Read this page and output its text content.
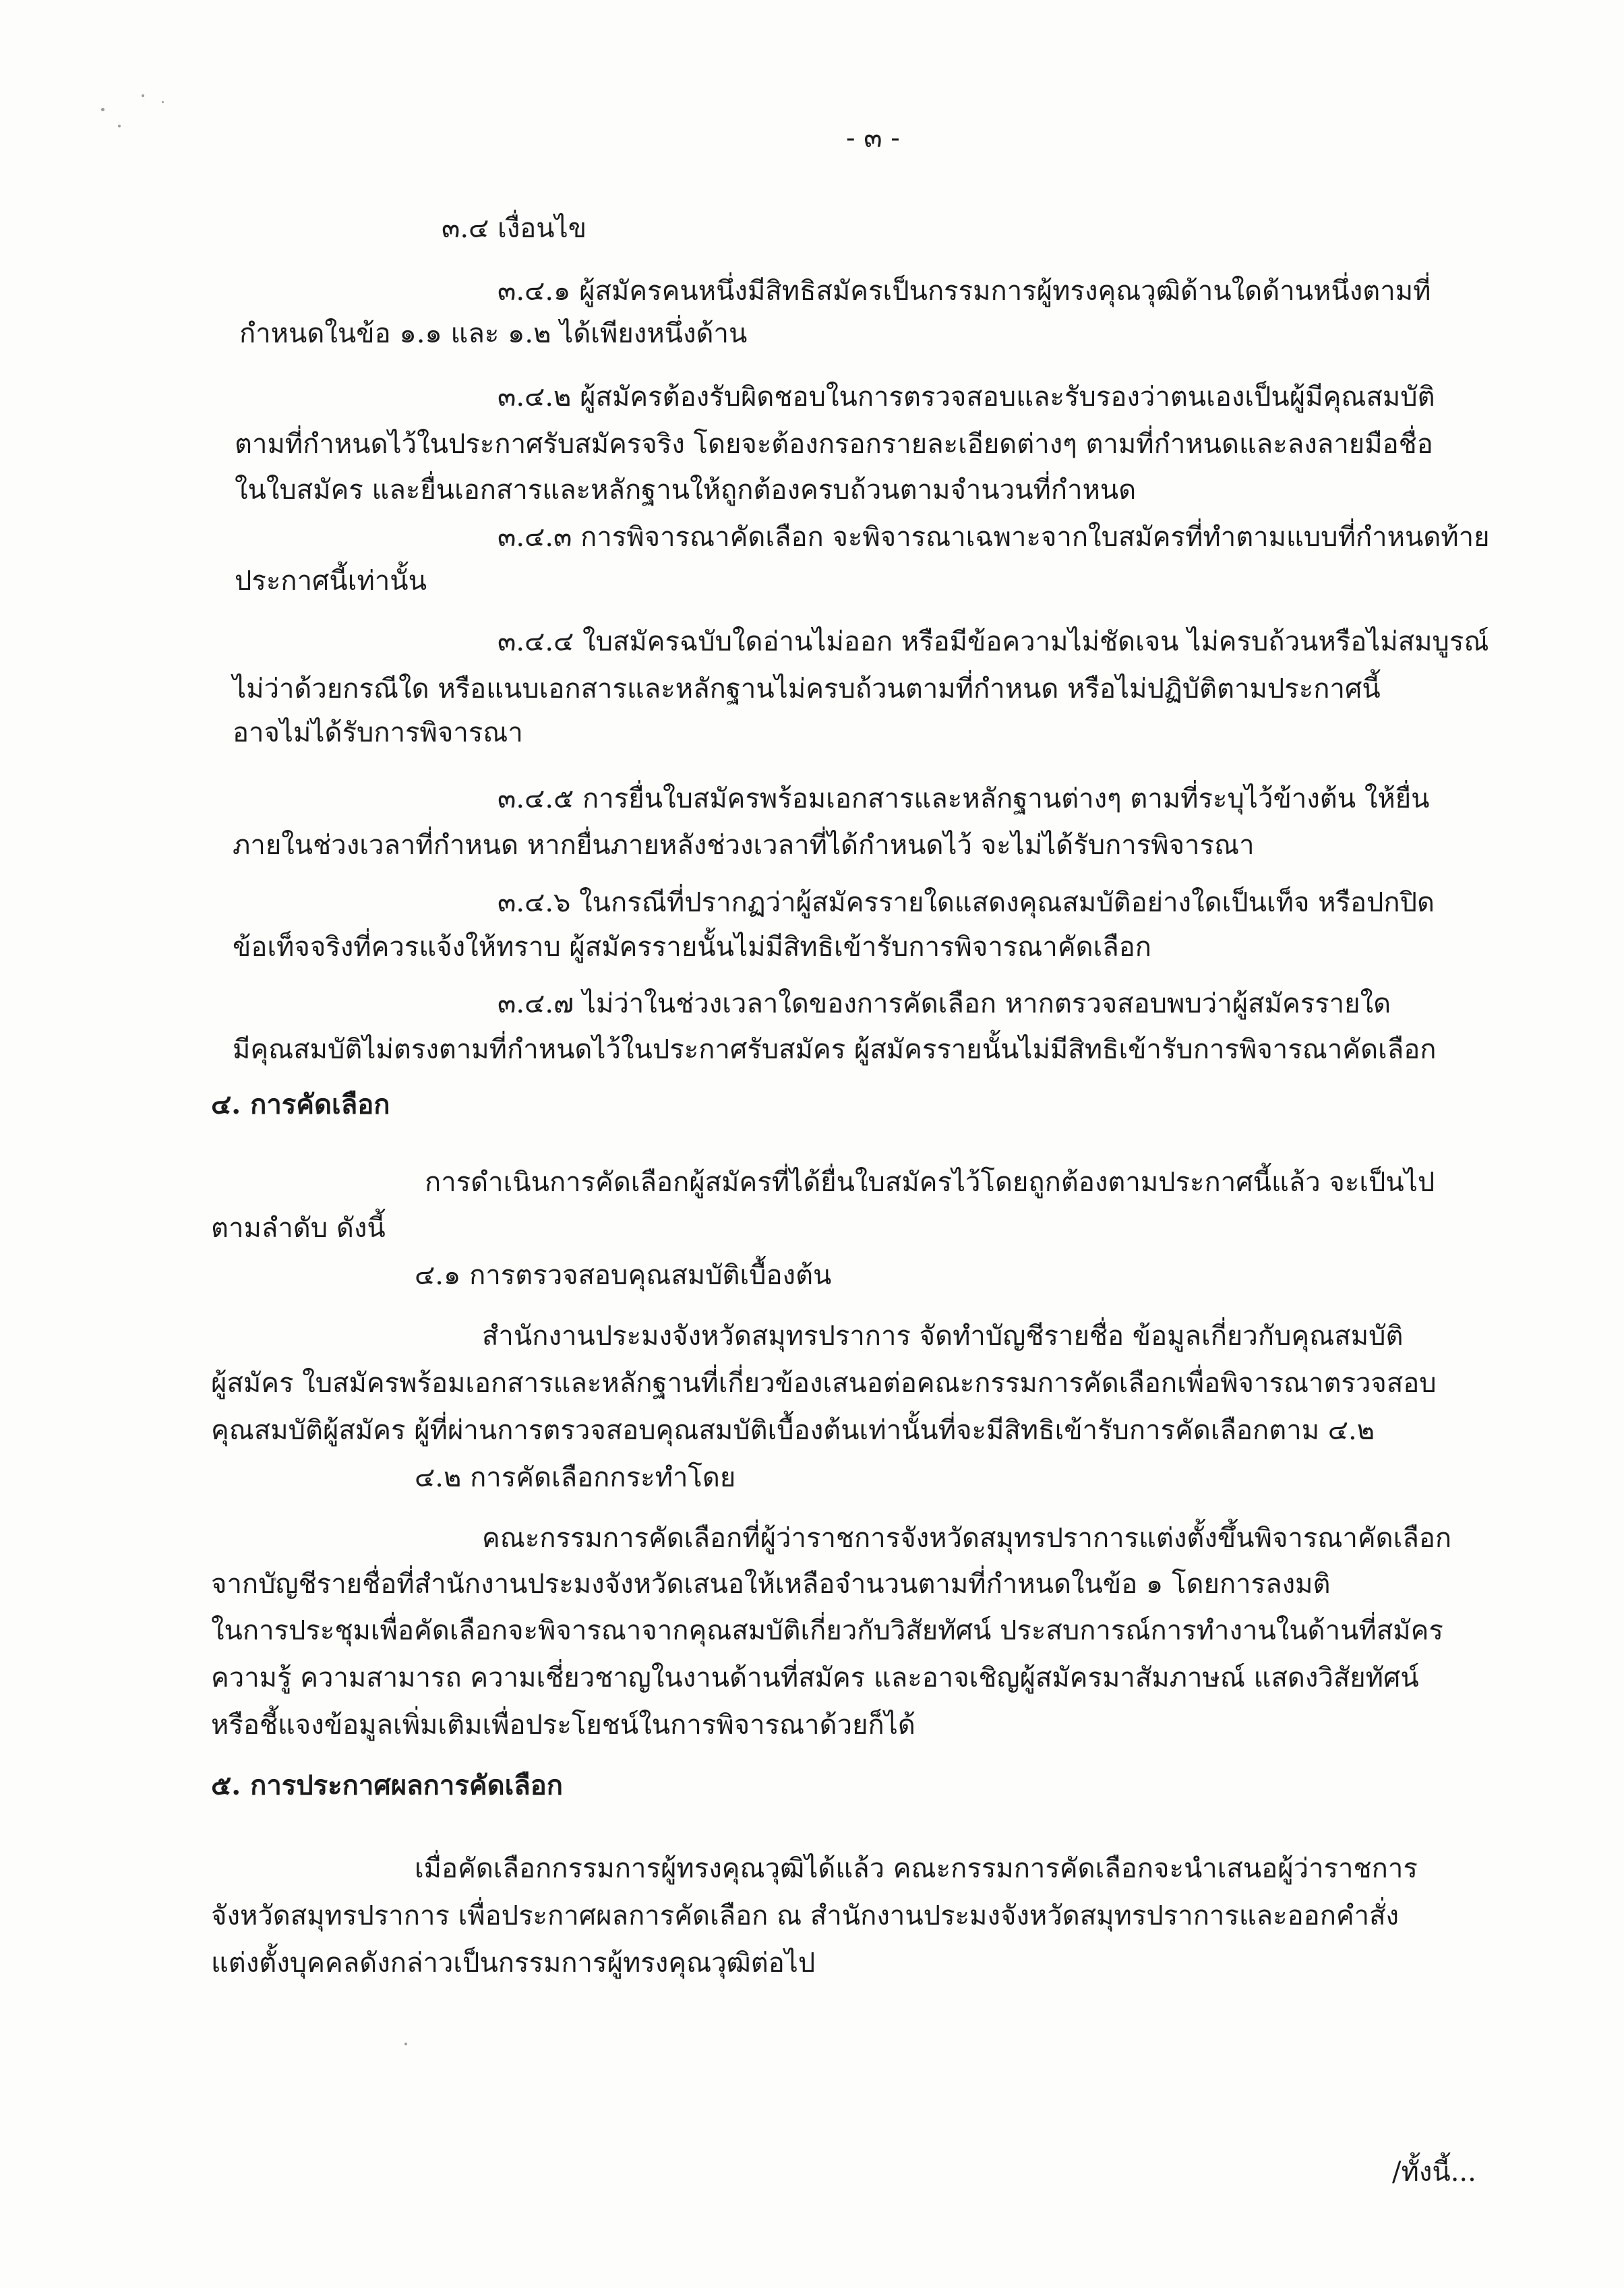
- ๓ -
๓.๔ เงื่อนไข
๓.๔.๑ ผู้สมัครคนหนึ่งมีสิทธิสมัครเป็นกรรมการผู้ทรงคุณวุฒิด้านใดด้านหนึ่งตามที่
กำหนดในข้อ ๑.๑ และ ๑.๒ ได้เพียงหนึ่งด้าน
๓.๔.๒ ผู้สมัครต้องรับผิดชอบในการตรวจสอบและรับรองว่าตนเองเป็นผู้มีคุณสมบัติ
ตามที่กำหนดไว้ในประกาศรับสมัครจริง โดยจะต้องกรอกรายละเอียดต่างๆ ตามที่กำหนดและลงลายมือชื่อ
ในใบสมัคร และยื่นเอกสารและหลักฐานให้ถูกต้องครบถ้วนตามจำนวนที่กำหนด
๓.๔.๓ การพิจารณาคัดเลือก จะพิจารณาเฉพาะจากใบสมัครที่ทำตามแบบที่กำหนดท้าย
ประกาศนี้เท่านั้น
๓.๔.๔ ใบสมัครฉบับใดอ่านไม่ออก หรือมีข้อความไม่ชัดเจน ไม่ครบถ้วนหรือไม่สมบูรณ์
ไม่ว่าด้วยกรณีใด หรือแนบเอกสารและหลักฐานไม่ครบถ้วนตามที่กำหนด หรือไม่ปฏิบัติตามประกาศนี้
อาจไม่ได้รับการพิจารณา
๓.๔.๕ การยื่นใบสมัครพร้อมเอกสารและหลักฐานต่างๆ ตามที่ระบุไว้ข้างต้น ให้ยื่น
ภายในช่วงเวลาที่กำหนด หากยื่นภายหลังช่วงเวลาที่ได้กำหนดไว้ จะไม่ได้รับการพิจารณา
๓.๔.๖ ในกรณีที่ปรากฏว่าผู้สมัครรายใดแสดงคุณสมบัติอย่างใดเป็นเท็จ หรือปกปิด
ข้อเท็จจริงที่ควรแจ้งให้ทราบ ผู้สมัครรายนั้นไม่มีสิทธิเข้ารับการพิจารณาคัดเลือก
๓.๔.๗ ไม่ว่าในช่วงเวลาใดของการคัดเลือก หากตรวจสอบพบว่าผู้สมัครรายใด
มีคุณสมบัติไม่ตรงตามที่กำหนดไว้ในประกาศรับสมัคร ผู้สมัครรายนั้นไม่มีสิทธิเข้ารับการพิจารณาคัดเลือก
๔. การคัดเลือก
การดำเนินการคัดเลือกผู้สมัครที่ได้ยื่นใบสมัครไว้โดยถูกต้องตามประกาศนี้แล้ว จะเป็นไป
ตามลำดับ ดังนี้
๔.๑ การตรวจสอบคุณสมบัติเบื้องต้น
สำนักงานประมงจังหวัดสมุทรปราการ จัดทำบัญชีรายชื่อ ข้อมูลเกี่ยวกับคุณสมบัติ
ผู้สมัคร ใบสมัครพร้อมเอกสารและหลักฐานที่เกี่ยวข้องเสนอต่อคณะกรรมการคัดเลือกเพื่อพิจารณาตรวจสอบ
คุณสมบัติผู้สมัคร ผู้ที่ผ่านการตรวจสอบคุณสมบัติเบื้องต้นเท่านั้นที่จะมีสิทธิเข้ารับการคัดเลือกตาม ๔.๒
๔.๒ การคัดเลือกกระทำโดย
คณะกรรมการคัดเลือกที่ผู้ว่าราชการจังหวัดสมุทรปราการแต่งตั้งขึ้นพิจารณาคัดเลือก
จากบัญชีรายชื่อที่สำนักงานประมงจังหวัดเสนอให้เหลือจำนวนตามที่กำหนดในข้อ ๑ โดยการลงมติ
ในการประชุมเพื่อคัดเลือกจะพิจารณาจากคุณสมบัติเกี่ยวกับวิสัยทัศน์ ประสบการณ์การทำงานในด้านที่สมัคร
ความรู้ ความสามารถ ความเชี่ยวชาญในงานด้านที่สมัคร และอาจเชิญผู้สมัครมาสัมภาษณ์ แสดงวิสัยทัศน์
หรือชี้แจงข้อมูลเพิ่มเติมเพื่อประโยชน์ในการพิจารณาด้วยก็ได้
๕. การประกาศผลการคัดเลือก
เมื่อคัดเลือกกรรมการผู้ทรงคุณวุฒิได้แล้ว คณะกรรมการคัดเลือกจะนำเสนอผู้ว่าราชการ
จังหวัดสมุทรปราการ เพื่อประกาศผลการคัดเลือก ณ สำนักงานประมงจังหวัดสมุทรปราการและออกคำสั่ง
แต่งตั้งบุคคลดังกล่าวเป็นกรรมการผู้ทรงคุณวุฒิต่อไป
/ทั้งนี้...
